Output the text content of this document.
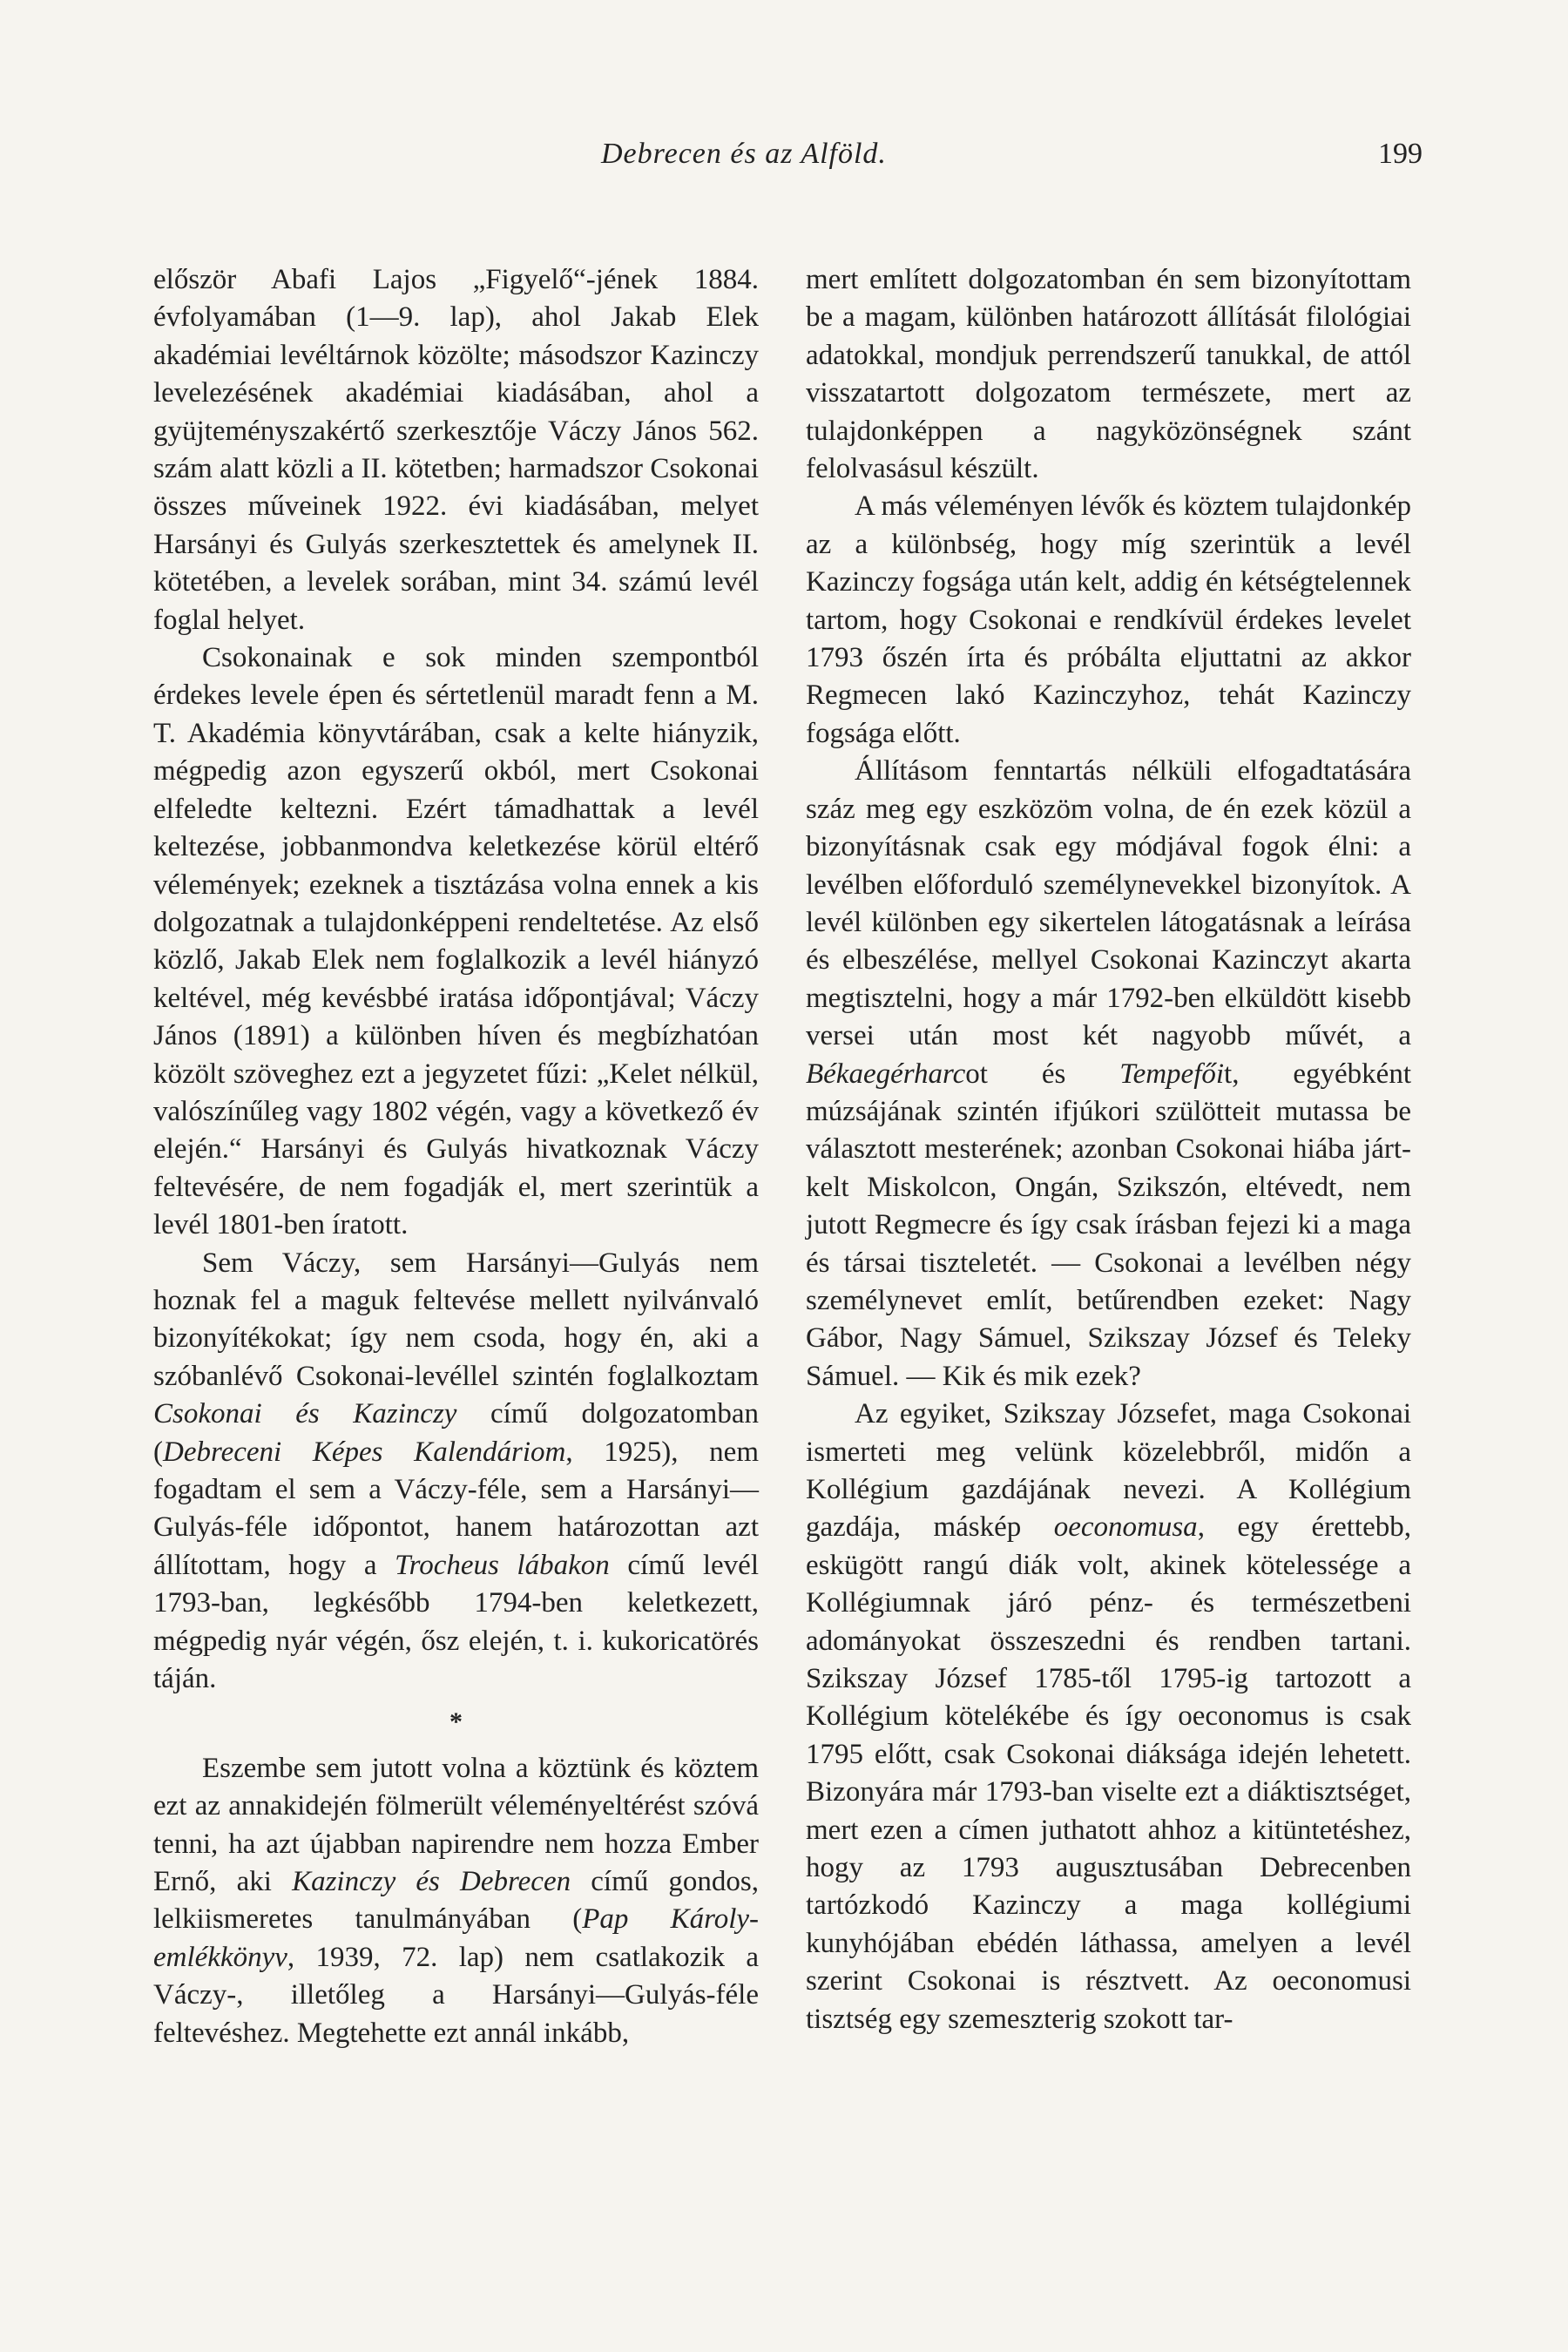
Debrecen és az Alföld.	199

először Abafi Lajos „Figyelő“-jének 1884. évfolyamában (1—9. lap), ahol Jakab Elek akadémiai levéltárnok közölte; másodszor Kazinczy levelezésének akadémiai kiadásában, ahol a gyüjteményszakértő szerkesztője Váczy János 562. szám alatt közli a II. kötetben; harmadszor Csokonai összes műveinek 1922. évi kiadásában, melyet Harsányi és Gulyás szerkesztettek és amelynek II. kötetében, a levelek sorában, mint 34. számú levél foglal helyet.

Csokonainak e sok minden szempontból érdekes levele épen és sértetlenül maradt fenn a M. T. Akadémia könyvtárában, csak a kelte hiányzik, mégpedig azon egyszerű okból, mert Csokonai elfeledte keltezni. Ezért támadhattak a levél keltezése, jobbanmondva keletkezése körül eltérő vélemények; ezeknek a tisztázása volna ennek a kis dolgozatnak a tulajdonképpeni rendeltetése. Az első közlő, Jakab Elek nem foglalkozik a levél hiányzó keltével, még kevésbbé iratása időpontjával; Váczy János (1891) a különben híven és megbízhatóan közölt szöveghez ezt a jegyzetet fűzi: „Kelet nélkül, valószínűleg vagy 1802 végén, vagy a következő év elején.“ Harsányi és Gulyás hivatkoznak Váczy feltevésére, de nem fogadják el, mert szerintük a levél 1801-ben íratott.

Sem Váczy, sem Harsányi—Gulyás nem hoznak fel a maguk feltevése mellett nyilvánvaló bizonyítékokat; így nem csoda, hogy én, aki a szóbanlévő Csokonai-levéllel szintén foglalkoztam Csokonai és Kazinczy című dolgozatomban (Debreceni Képes Kalendáriom, 1925), nem fogadtam el sem a Váczy-féle, sem a Harsányi—Gulyás-féle időpontot, hanem határozottan azt állítottam, hogy a Trocheus lábakon című levél 1793-ban, legkésőbb 1794-ben keletkezett, mégpedig nyár végén, ősz elején, t. i. kukoricatörés táján.

*

Eszembe sem jutott volna a köztünk és köztem ezt az annakidején fölmerült véleményeltérést szóvá tenni, ha azt újabban napirendre nem hozza Ember Ernő, aki Kazinczy és Debrecen című gondos, lelkiismeretes tanulmányában (Pap Károly-emlékkönyv, 1939, 72. lap) nem csatlakozik a Váczy-, illetőleg a Harsányi—Gulyás-féle feltevéshez. Megtehette ezt annál inkább,

mert említett dolgozatomban én sem bizonyítottam be a magam, különben határozott állítását filológiai adatokkal, mondjuk perrendszerű tanukkal, de attól visszatartott dolgozatom természete, mert az tulajdonképpen a nagyközönségnek szánt felolvasásul készült.

A más véleményen lévők és köztem tulajdonkép az a különbség, hogy míg szerintük a levél Kazinczy fogsága után kelt, addig én kétségtelennek tartom, hogy Csokonai e rendkívül érdekes levelet 1793 őszén írta és próbálta eljuttatni az akkor Regmecen lakó Kazinczyhoz, tehát Kazinczy fogsága előtt.

Állításom fenntartás nélküli elfogadtatására száz meg egy eszközöm volna, de én ezek közül a bizonyításnak csak egy módjával fogok élni: a levélben előforduló személynevekkel bizonyítok. A levél különben egy sikertelen látogatásnak a leírása és elbeszélése, mellyel Csokonai Kazinczyt akarta megtisztelni, hogy a már 1792-ben elküldött kisebb versei után most két nagyobb művét, a Békaegérharcot és Tempefőit, egyébként múzsájának szintén ifjúkori szülötteit mutassa be választott mesterének; azonban Csokonai hiába járt-kelt Miskolcon, Ongán, Szikszón, eltévedt, nem jutott Regmecre és így csak írásban fejezi ki a maga és társai tiszteletét. — Csokonai a levélben négy személynevet említ, betűrendben ezeket: Nagy Gábor, Nagy Sámuel, Szikszay József és Teleky Sámuel. — Kik és mik ezek?

Az egyiket, Szikszay Józsefet, maga Csokonai ismerteti meg velünk közelebbről, midőn a Kollégium gazdájának nevezi. A Kollégium gazdája, máskép oeconomusa, egy érettebb, eskügött rangú diák volt, akinek kötelessége a Kollégiumnak járó pénz- és természetbeni adományokat összeszedni és rendben tartani. Szikszay József 1785-től 1795-ig tartozott a Kollégium kötelékébe és így oeconomus is csak 1795 előtt, csak Csokonai diáksága idején lehetett. Bizonyára már 1793-ban viselte ezt a diáktisztséget, mert ezen a címen juthatott ahhoz a kitüntetéshez, hogy az 1793 augusztusában Debrecenben tartózkodó Kazinczy a maga kollégiumi kunyhójában ebédén láthassa, amelyen a levél szerint Csokonai is résztvett. Az oeconomusi tisztség egy szemeszterig szokott tar-
